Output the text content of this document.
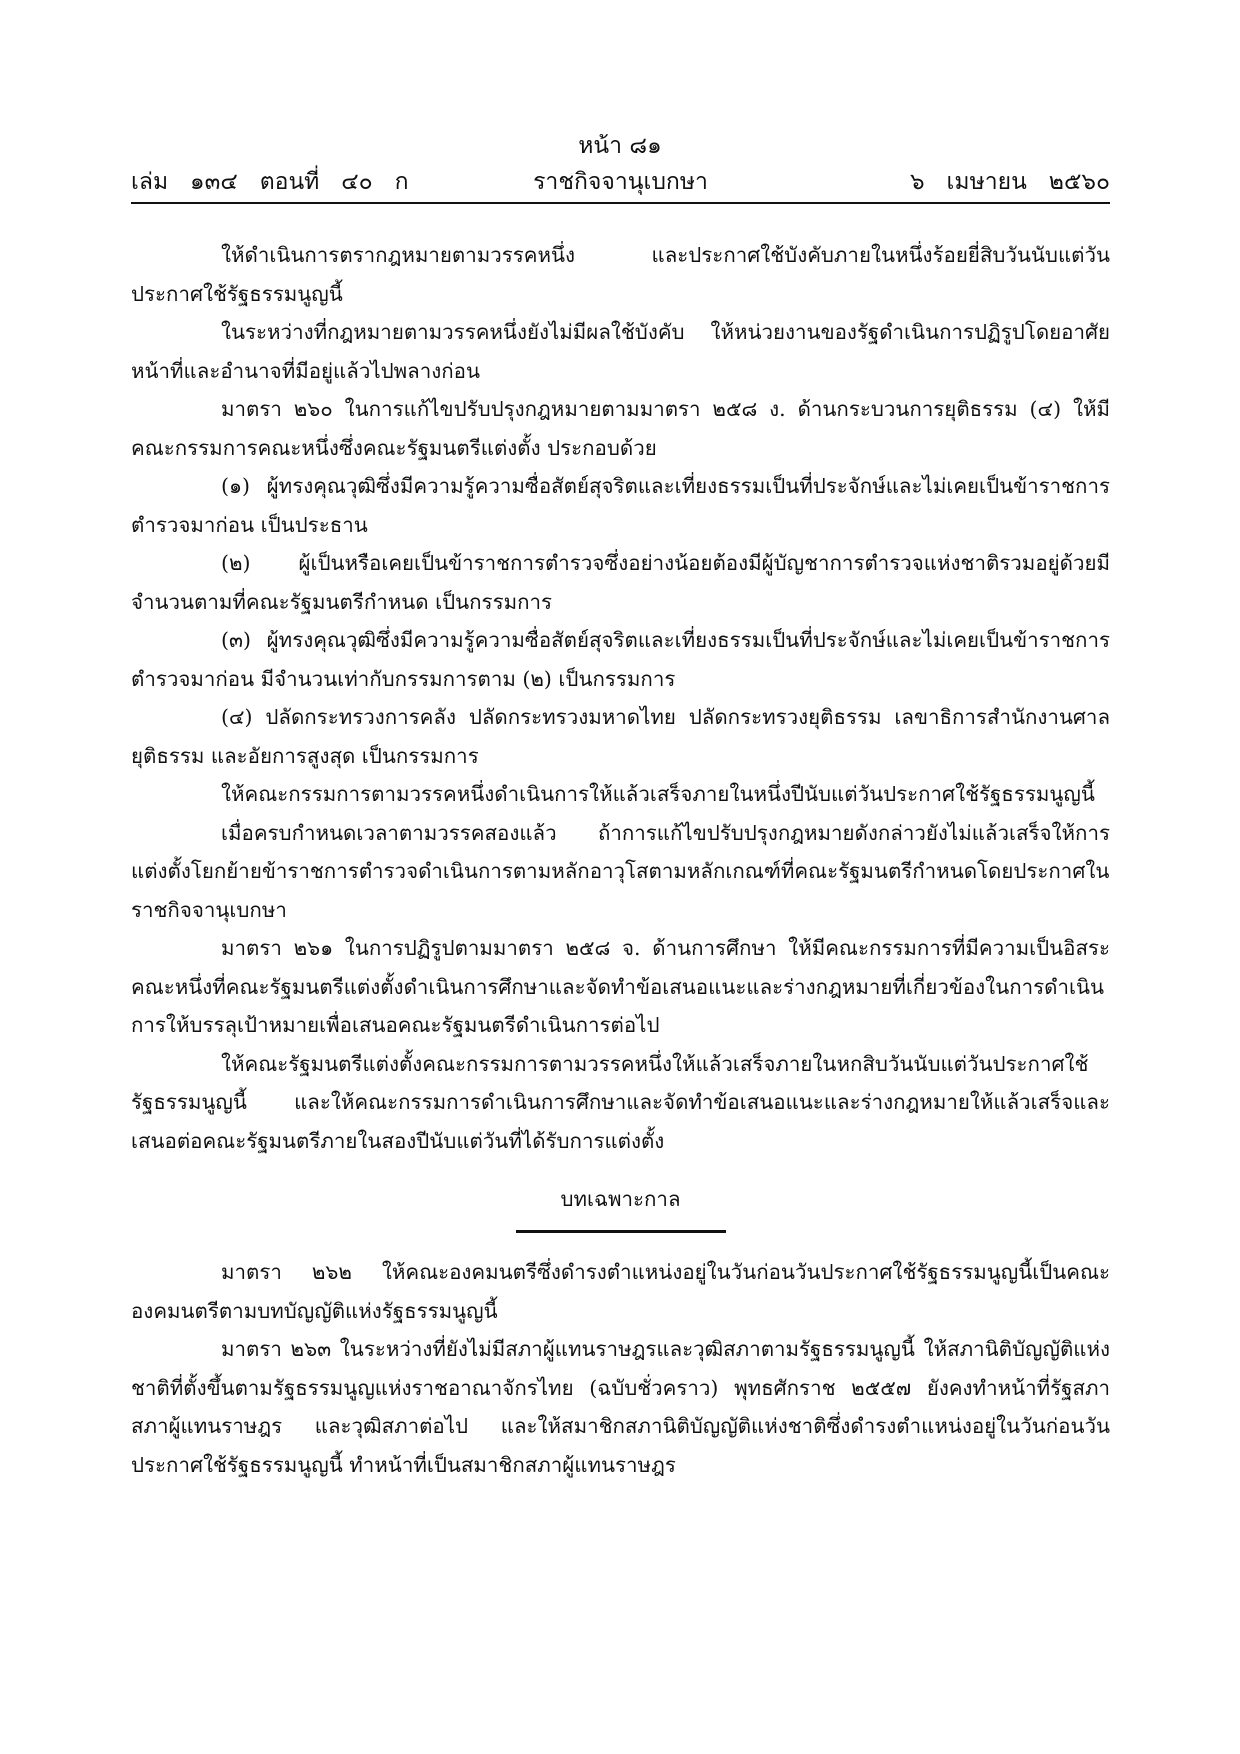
หน้า ๘๑
เล่ม   ๑๓๔   ตอนที่   ๔๐   ก	ราชกิจจานุเบกษา	๖   เมษายน   ๒๕๖๐

ให้ดำเนินการตรากฎหมายตามวรรคหนึ่ง และประกาศใช้บังคับภายในหนึ่งร้อยยี่สิบวันนับแต่วันประกาศใช้รัฐธรรมนูญนี้

ในระหว่างที่กฎหมายตามวรรคหนึ่งยังไม่มีผลใช้บังคับ ให้หน่วยงานของรัฐดำเนินการปฏิรูปโดยอาศัยหน้าที่และอำนาจที่มีอยู่แล้วไปพลางก่อน

มาตรา ๒๖๐ ในการแก้ไขปรับปรุงกฎหมายตามมาตรา ๒๕๘ ง. ด้านกระบวนการยุติธรรม (๔) ให้มีคณะกรรมการคณะหนึ่งซึ่งคณะรัฐมนตรีแต่งตั้ง ประกอบด้วย

(๑) ผู้ทรงคุณวุฒิซึ่งมีความรู้ความซื่อสัตย์สุจริตและเที่ยงธรรมเป็นที่ประจักษ์และไม่เคยเป็นข้าราชการตำรวจมาก่อน เป็นประธาน

(๒) ผู้เป็นหรือเคยเป็นข้าราชการตำรวจซึ่งอย่างน้อยต้องมีผู้บัญชาการตำรวจแห่งชาติรวมอยู่ด้วยมีจำนวนตามที่คณะรัฐมนตรีกำหนด เป็นกรรมการ

(๓) ผู้ทรงคุณวุฒิซึ่งมีความรู้ความซื่อสัตย์สุจริตและเที่ยงธรรมเป็นที่ประจักษ์และไม่เคยเป็นข้าราชการตำรวจมาก่อน มีจำนวนเท่ากับกรรมการตาม (๒) เป็นกรรมการ

(๔) ปลัดกระทรวงการคลัง ปลัดกระทรวงมหาดไทย ปลัดกระทรวงยุติธรรม เลขาธิการสำนักงานศาลยุติธรรม และอัยการสูงสุด เป็นกรรมการ

ให้คณะกรรมการตามวรรคหนึ่งดำเนินการให้แล้วเสร็จภายในหนึ่งปีนับแต่วันประกาศใช้รัฐธรรมนูญนี้

เมื่อครบกำหนดเวลาตามวรรคสองแล้ว ถ้าการแก้ไขปรับปรุงกฎหมายดังกล่าวยังไม่แล้วเสร็จให้การแต่งตั้งโยกย้ายข้าราชการตำรวจดำเนินการตามหลักอาวุโสตามหลักเกณฑ์ที่คณะรัฐมนตรีกำหนดโดยประกาศในราชกิจจานุเบกษา

มาตรา ๒๖๑ ในการปฏิรูปตามมาตรา ๒๕๘ จ. ด้านการศึกษา ให้มีคณะกรรมการที่มีความเป็นอิสระคณะหนึ่งที่คณะรัฐมนตรีแต่งตั้งดำเนินการศึกษาและจัดทำข้อเสนอแนะและร่างกฎหมายที่เกี่ยวข้องในการดำเนินการให้บรรลุเป้าหมายเพื่อเสนอคณะรัฐมนตรีดำเนินการต่อไป

ให้คณะรัฐมนตรีแต่งตั้งคณะกรรมการตามวรรคหนึ่งให้แล้วเสร็จภายในหกสิบวันนับแต่วันประกาศใช้รัฐธรรมนูญนี้ และให้คณะกรรมการดำเนินการศึกษาและจัดทำข้อเสนอแนะและร่างกฎหมายให้แล้วเสร็จและเสนอต่อคณะรัฐมนตรีภายในสองปีนับแต่วันที่ได้รับการแต่งตั้ง

บทเฉพาะกาล

มาตรา ๒๖๒ ให้คณะองคมนตรีซึ่งดำรงตำแหน่งอยู่ในวันก่อนวันประกาศใช้รัฐธรรมนูญนี้เป็นคณะองคมนตรีตามบทบัญญัติแห่งรัฐธรรมนูญนี้

มาตรา ๒๖๓ ในระหว่างที่ยังไม่มีสภาผู้แทนราษฎรและวุฒิสภาตามรัฐธรรมนูญนี้ ให้สภานิติบัญญัติแห่งชาติที่ตั้งขึ้นตามรัฐธรรมนูญแห่งราชอาณาจักรไทย (ฉบับชั่วคราว) พุทธศักราช ๒๕๕๗ ยังคงทำหน้าที่รัฐสภา สภาผู้แทนราษฎร และวุฒิสภาต่อไป และให้สมาชิกสภานิติบัญญัติแห่งชาติซึ่งดำรงตำแหน่งอยู่ในวันก่อนวันประกาศใช้รัฐธรรมนูญนี้ ทำหน้าที่เป็นสมาชิกสภาผู้แทนราษฎร
